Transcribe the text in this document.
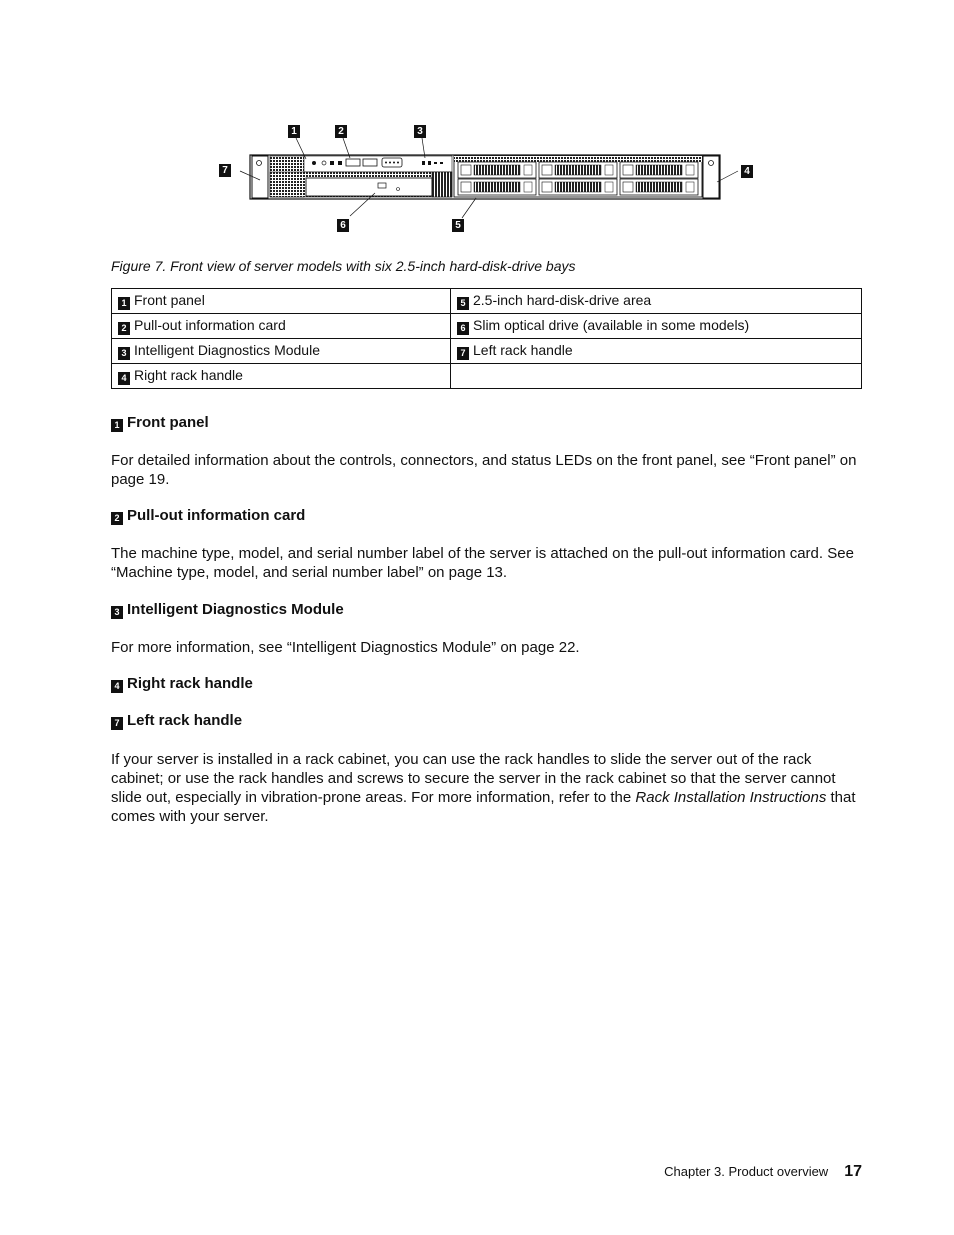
1	2	3
4
5
6
7
Figure 7. Front view of server models with six 2.5-inch hard-disk-drive bays
1 Front panel	5 2.5-inch hard-disk-drive area
2 Pull-out information card	6 Slim optical drive (available in some models)
3 Intelligent Diagnostics Module	7 Left rack handle
4 Right rack handle	
1 Front panel

For detailed information about the controls, connectors, and status LEDs on the front panel, see “Front panel” on page 19.

2 Pull-out information card

The machine type, model, and serial number label of the server is attached on the pull-out information card. See “Machine type, model, and serial number label” on page 13.

3 Intelligent Diagnostics Module

For more information, see “Intelligent Diagnostics Module” on page 22.

4 Right rack handle
7 Left rack handle

If your server is installed in a rack cabinet, you can use the rack handles to slide the server out of the rack cabinet; or use the rack handles and screws to secure the server in the rack cabinet so that the server cannot slide out, especially in vibration-prone areas. For more information, refer to the Rack Installation Instructions that comes with your server.

Chapter 3. Product overview 17
